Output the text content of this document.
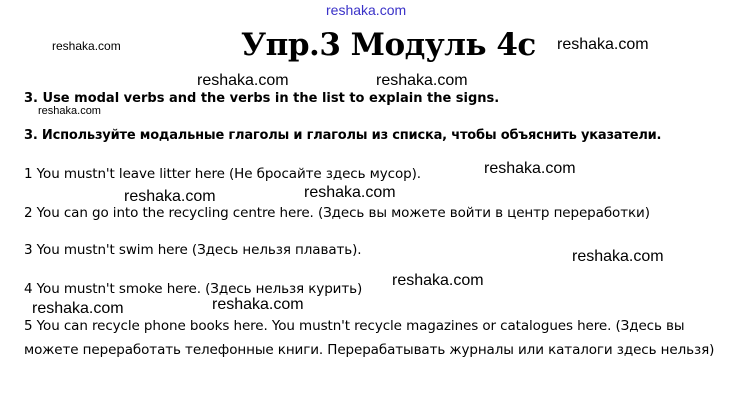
reshaka.com
Упр.3 Модуль 4с
3. Use modal verbs and the verbs in the list to explain the signs.
3. Используйте модальные глаголы и глаголы из списка, чтобы объяснить указатели.
1 You mustn't leave litter here (Не бросайте здесь мусор).
2 You can go into the recycling centre here. (Здесь вы можете войти в центр переработки)
3 You mustn't swim here (Здесь нельзя плавать).
4 You mustn't smoke here. (Здесь нельзя курить)
5 You can recycle phone books here. You mustn't recycle magazines or catalogues here. (Здесь вы
можете переработать телефонные книги. Перерабатывать журналы или каталоги здесь нельзя)
reshaka.com	reshaka.com
reshaka.com	reshaka.com
reshaka.com
reshaka.com
reshaka.com	reshaka.com
reshaka.com
reshaka.com
reshaka.com	reshaka.com
